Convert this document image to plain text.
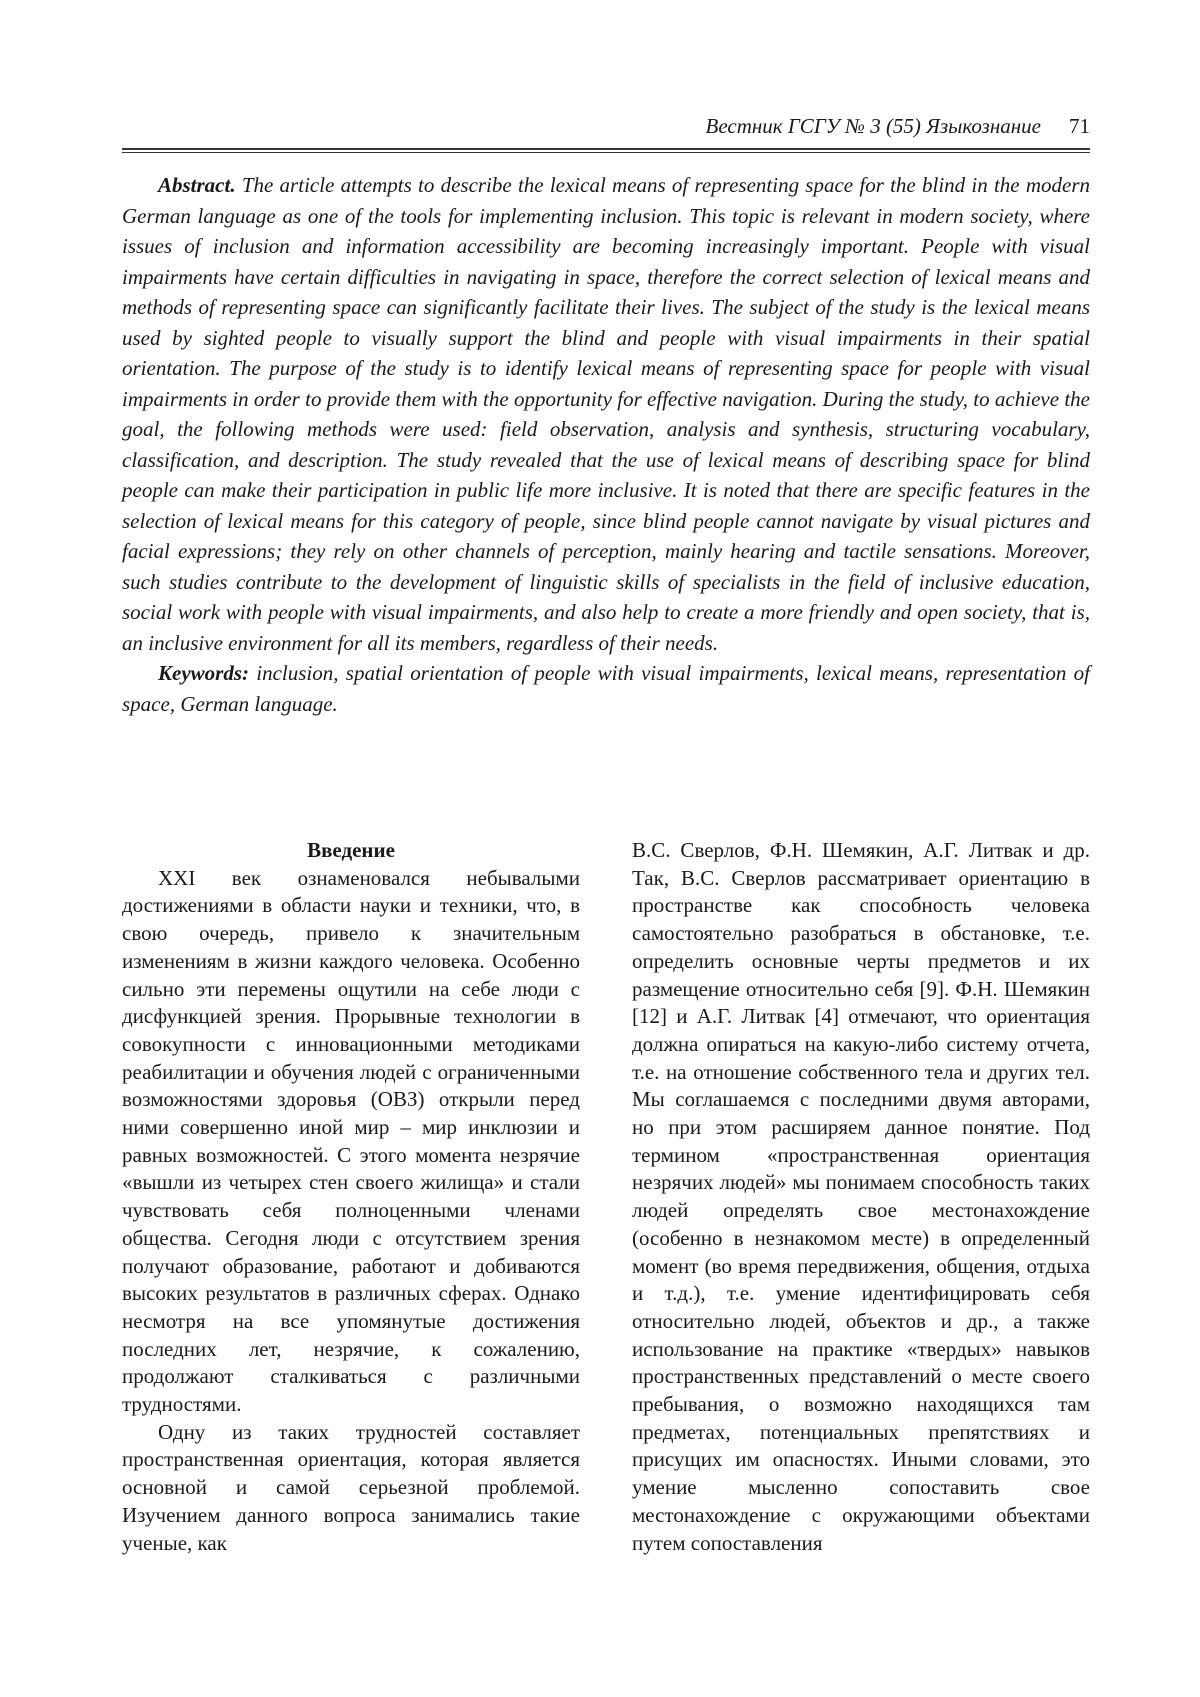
Вестник ГСГУ № 3 (55) Языкознание 71

Abstract. The article attempts to describe the lexical means of representing space for the blind in the modern German language as one of the tools for implementing inclusion. This topic is relevant in modern society, where issues of inclusion and information accessibility are becoming increasingly important. People with visual impairments have certain difficulties in navigating in space, therefore the correct selection of lexical means and methods of representing space can significantly facilitate their lives. The subject of the study is the lexical means used by sighted people to visually support the blind and people with visual impairments in their spatial orientation. The purpose of the study is to identify lexical means of representing space for people with visual impairments in order to provide them with the opportunity for effective navigation. During the study, to achieve the goal, the following methods were used: field observation, analysis and synthesis, structuring vocabulary, classification, and description. The study revealed that the use of lexical means of describing space for blind people can make their participation in public life more inclusive. It is noted that there are specific features in the selection of lexical means for this category of people, since blind people cannot navigate by visual pictures and facial expressions; they rely on other channels of perception, mainly hearing and tactile sensations. Moreover, such studies contribute to the development of linguistic skills of specialists in the field of inclusive education, social work with people with visual impairments, and also help to create a more friendly and open society, that is, an inclusive environment for all its members, regardless of their needs.

Keywords: inclusion, spatial orientation of people with visual impairments, lexical means, representation of space, German language.

Введение

XXI век ознаменовался небывалыми достижениями в области науки и техники, что, в свою очередь, привело к значительным изменениям в жизни каждого человека. Особенно сильно эти перемены ощутили на себе люди с дисфункцией зрения. Прорывные технологии в совокупности с инновационными методиками реабилитации и обучения людей с ограниченными возможностями здоровья (ОВЗ) открыли перед ними совершенно иной мир – мир инклюзии и равных возможностей. С этого момента незрячие «вышли из четырех стен своего жилища» и стали чувствовать себя полноценными членами общества. Сегодня люди с отсутствием зрения получают образование, работают и добиваются высоких результатов в различных сферах. Однако несмотря на все упомянутые достижения последних лет, незрячие, к сожалению, продолжают сталкиваться с различными трудностями.

Одну из таких трудностей составляет пространственная ориентация, которая является основной и самой серьезной проблемой. Изучением данного вопроса занимались такие ученые, как

В.С. Сверлов, Ф.Н. Шемякин, А.Г. Литвак и др. Так, В.С. Сверлов рассматривает ориентацию в пространстве как способность человека самостоятельно разобраться в обстановке, т.е. определить основные черты предметов и их размещение относительно себя [9]. Ф.Н. Шемякин [12] и А.Г. Литвак [4] отмечают, что ориентация должна опираться на какую-либо систему отчета, т.е. на отношение собственного тела и других тел. Мы соглашаемся с последними двумя авторами, но при этом расширяем данное понятие. Под термином «пространственная ориентация незрячих людей» мы понимаем способность таких людей определять свое местонахождение (особенно в незнакомом месте) в определенный момент (во время передвижения, общения, отдыха и т.д.), т.е. умение идентифицировать себя относительно людей, объектов и др., а также использование на практике «твердых» навыков пространственных представлений о месте своего пребывания, о возможно находящихся там предметах, потенциальных препятствиях и присущих им опасностях. Иными словами, это умение мысленно сопоставить свое местонахождение с окружающими объектами путем сопоставления
